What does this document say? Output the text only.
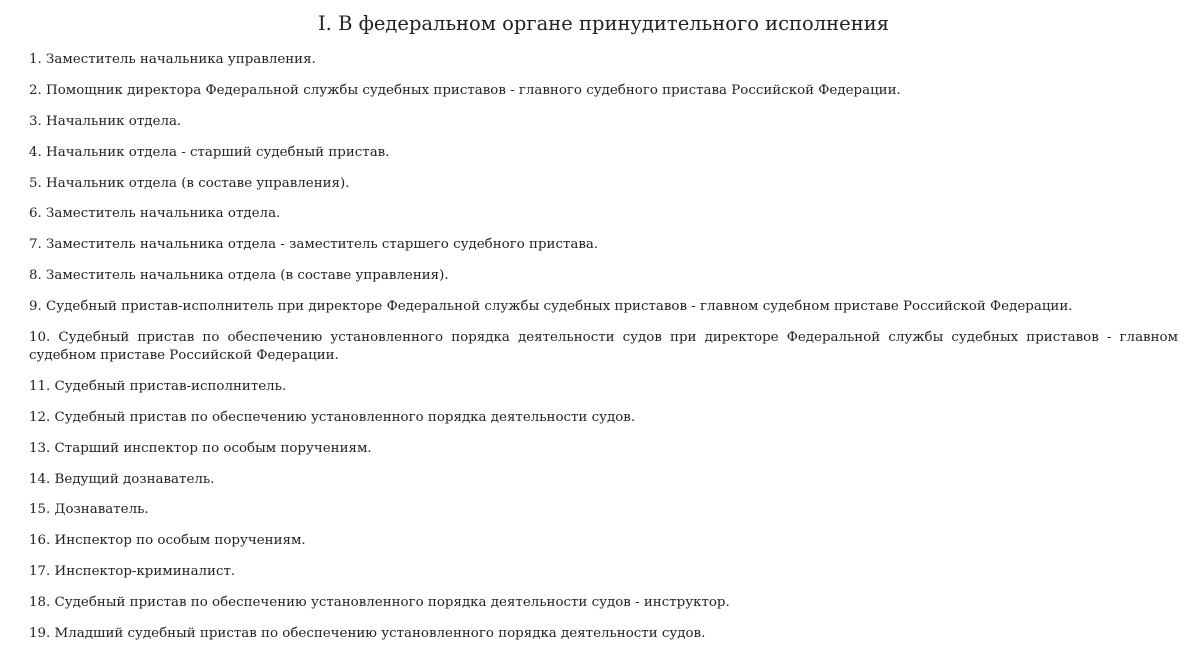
I. В федеральном органе принудительного исполнения
1. Заместитель начальника управления.
2. Помощник директора Федеральной службы судебных приставов - главного судебного пристава Российской Федерации.
3. Начальник отдела.
4. Начальник отдела - старший судебный пристав.
5. Начальник отдела (в составе управления).
6. Заместитель начальника отдела.
7. Заместитель начальника отдела - заместитель старшего судебного пристава.
8. Заместитель начальника отдела (в составе управления).
9. Судебный пристав-исполнитель при директоре Федеральной службы судебных приставов - главном судебном приставе Российской Федерации.
10. Судебный пристав по обеспечению установленного порядка деятельности судов при директоре Федеральной службы судебных приставов - главном судебном приставе Российской Федерации.
11. Судебный пристав-исполнитель.
12. Судебный пристав по обеспечению установленного порядка деятельности судов.
13. Старший инспектор по особым поручениям.
14. Ведущий дознаватель.
15. Дознаватель.
16. Инспектор по особым поручениям.
17. Инспектор-криминалист.
18. Судебный пристав по обеспечению установленного порядка деятельности судов - инструктор.
19. Младший судебный пристав по обеспечению установленного порядка деятельности судов.
